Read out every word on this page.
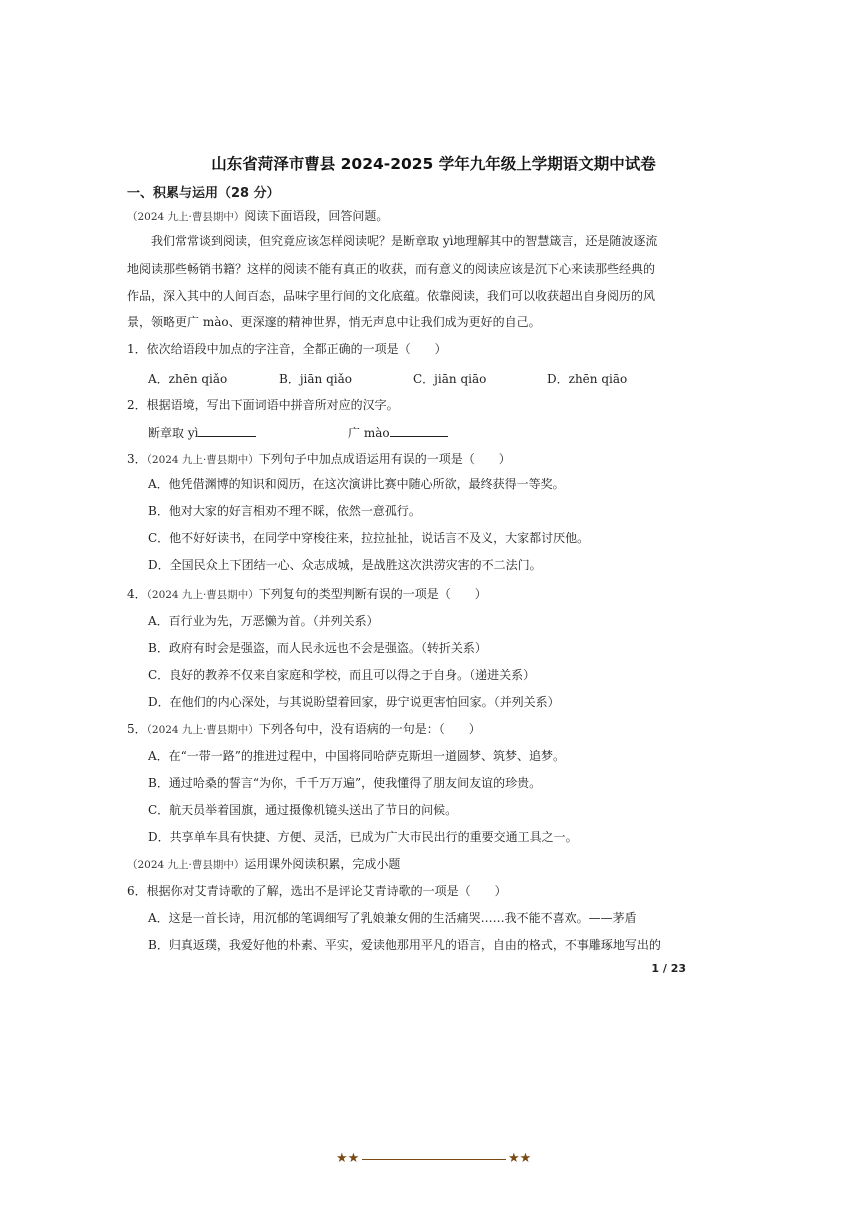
山东省菏泽市曹县 2024-2025 学年九年级上学期语文期中试卷
一、积累与运用（28 分）
（2024 九上·曹县期中）阅读下面语段，回答问题。
我们常常谈到阅读，但究竟应该怎样阅读呢？是断章取 yì地理解其中的智慧箴言，还是随波逐流
地阅读那些畅销书籍？这样的阅读不能有真正的收获，而有意义的阅读应该是沉下心来读那些经典的
作品，深入其中的人间百态，品味字里行间的文化底蕴。依靠阅读，我们可以收获超出自身阅历的风
景，领略更广 mào、更深邃的精神世界，悄无声息中让我们成为更好的自己。
1．依次给语段中加点的字注音，全都正确的一项是（　　）
A．zhēn qiǎo	B．jiān qiǎo	C．jiān qiāo	D．zhēn qiāo
2．根据语境，写出下面词语中拼音所对应的汉字。
断章取 yì	广 mào
3．（2024 九上·曹县期中）下列句子中加点成语运用有误的一项是（　　）
A．他凭借渊博的知识和阅历，在这次演讲比赛中随心所欲，最终获得一等奖。
B．他对大家的好言相劝不理不睬，依然一意孤行。
C．他不好好读书，在同学中穿梭往来，拉拉扯扯，说话言不及义，大家都讨厌他。
D．全国民众上下团结一心、众志成城，是战胜这次洪涝灾害的不二法门。
4．（2024 九上·曹县期中）下列复句的类型判断有误的一项是（　　）
A．百行业为先，万恶懒为首。（并列关系）
B．政府有时会是强盗，而人民永远也不会是强盗。（转折关系）
C．良好的教养不仅来自家庭和学校，而且可以得之于自身。（递进关系）
D．在他们的内心深处，与其说盼望着回家，毋宁说更害怕回家。（并列关系）
5．（2024 九上·曹县期中）下列各句中，没有语病的一句是：（　　）
A．在“一带一路”的推进过程中，中国将同哈萨克斯坦一道圆梦、筑梦、追梦。
B．通过哈桑的誓言“为你，千千万万遍”，使我懂得了朋友间友谊的珍贵。
C．航天员举着国旗，通过摄像机镜头送出了节日的问候。
D．共享单车具有快捷、方便、灵活，已成为广大市民出行的重要交通工具之一。
（2024 九上·曹县期中）运用课外阅读积累，完成小题
6．根据你对艾青诗歌的了解，选出不是评论艾青诗歌的一项是（　　）
A．这是一首长诗，用沉郁的笔调细写了乳娘兼女佣的生活痛哭……我不能不喜欢。——茅盾
B．归真返璞，我爱好他的朴素、平实，爱读他那用平凡的语言，自由的格式，不事雕琢地写出的
1 / 23
★★	★★
